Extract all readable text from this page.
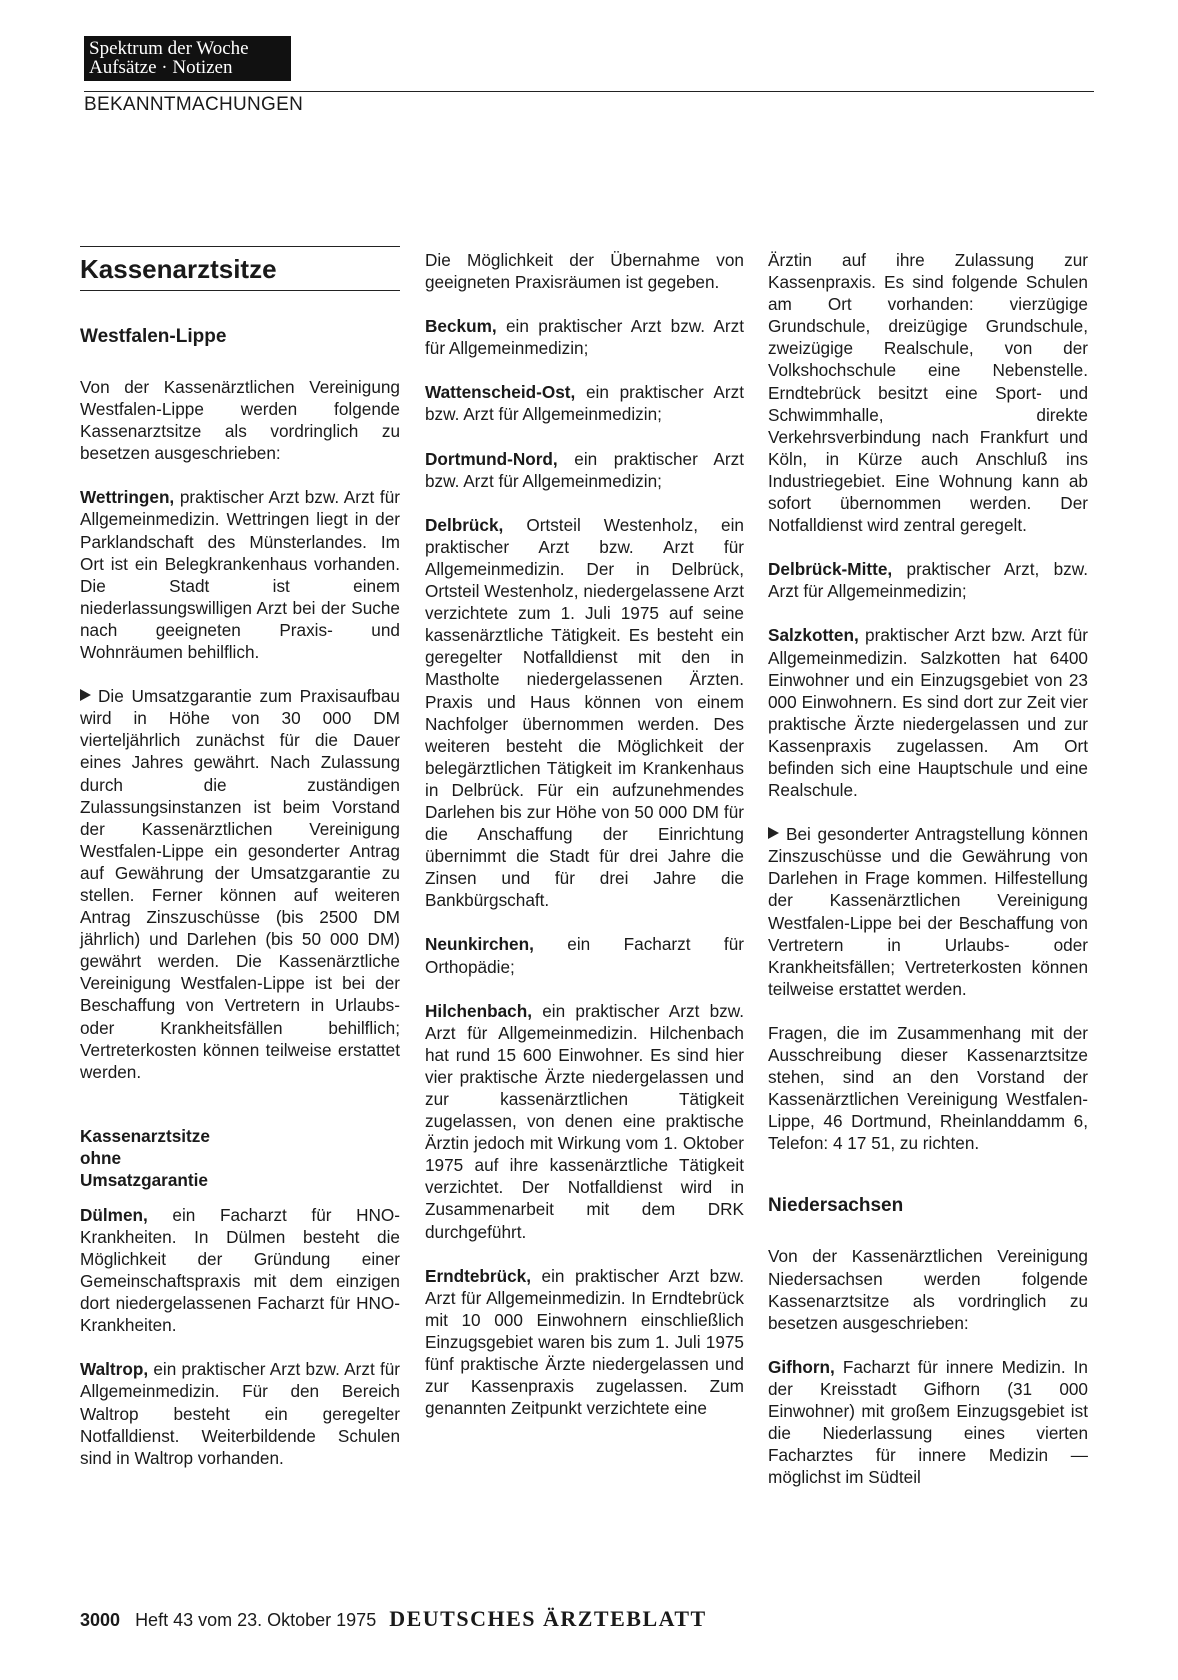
Spektrum der Woche
Aufsätze · Notizen
BEKANNTMACHUNGEN
Kassenarztsitze
Westfalen-Lippe

Von der Kassenärztlichen Vereinigung Westfalen-Lippe werden folgende Kassenarztsitze als vordringlich zu besetzen ausgeschrieben:

Wettringen, praktischer Arzt bzw. Arzt für Allgemeinmedizin. Wettringen liegt in der Parklandschaft des Münsterlandes. Im Ort ist ein Belegkrankenhaus vorhanden. Die Stadt ist einem niederlassungswilligen Arzt bei der Suche nach geeigneten Praxis- und Wohnräumen behilflich.

Die Umsatzgarantie zum Praxisaufbau wird in Höhe von 30 000 DM vierteljährlich zunächst für die Dauer eines Jahres gewährt. Nach Zulassung durch die zuständigen Zulassungsinstanzen ist beim Vorstand der Kassenärztlichen Vereinigung Westfalen-Lippe ein gesonderter Antrag auf Gewährung der Umsatzgarantie zu stellen. Ferner können auf weiteren Antrag Zinszuschüsse (bis 2500 DM jährlich) und Darlehen (bis 50 000 DM) gewährt werden. Die Kassenärztliche Vereinigung Westfalen-Lippe ist bei der Beschaffung von Vertretern in Urlaubs- oder Krankheitsfällen behilflich; Vertreterkosten können teilweise erstattet werden.

Kassenarztsitze
ohne
Umsatzgarantie

Dülmen, ein Facharzt für HNO-Krankheiten. In Dülmen besteht die Möglichkeit der Gründung einer Gemeinschaftspraxis mit dem einzigen dort niedergelassenen Facharzt für HNO-Krankheiten.

Waltrop, ein praktischer Arzt bzw. Arzt für Allgemeinmedizin. Für den Bereich Waltrop besteht ein geregelter Notfalldienst. Weiterbildende Schulen sind in Waltrop vorhanden.

Die Möglichkeit der Übernahme von geeigneten Praxisräumen ist gegeben.

Beckum, ein praktischer Arzt bzw. Arzt für Allgemeinmedizin;

Wattenscheid-Ost, ein praktischer Arzt bzw. Arzt für Allgemeinmedizin;

Dortmund-Nord, ein praktischer Arzt bzw. Arzt für Allgemeinmedizin;

Delbrück, Ortsteil Westenholz, ein praktischer Arzt bzw. Arzt für Allgemeinmedizin. Der in Delbrück, Ortsteil Westenholz, niedergelassene Arzt verzichtete zum 1. Juli 1975 auf seine kassenärztliche Tätigkeit. Es besteht ein geregelter Notfalldienst mit den in Mastholte niedergelassenen Ärzten. Praxis und Haus können von einem Nachfolger übernommen werden. Des weiteren besteht die Möglichkeit der belegärztlichen Tätigkeit im Krankenhaus in Delbrück. Für ein aufzunehmendes Darlehen bis zur Höhe von 50 000 DM für die Anschaffung der Einrichtung übernimmt die Stadt für drei Jahre die Zinsen und für drei Jahre die Bankbürgschaft.

Neunkirchen, ein Facharzt für Orthopädie;

Hilchenbach, ein praktischer Arzt bzw. Arzt für Allgemeinmedizin. Hilchenbach hat rund 15 600 Einwohner. Es sind hier vier praktische Ärzte niedergelassen und zur kassenärztlichen Tätigkeit zugelassen, von denen eine praktische Ärztin jedoch mit Wirkung vom 1. Oktober 1975 auf ihre kassenärztliche Tätigkeit verzichtet. Der Notfalldienst wird in Zusammenarbeit mit dem DRK durchgeführt.

Erndtebrück, ein praktischer Arzt bzw. Arzt für Allgemeinmedizin. In Erndtebrück mit 10 000 Einwohnern einschließlich Einzugsgebiet waren bis zum 1. Juli 1975 fünf praktische Ärzte niedergelassen und zur Kassenpraxis zugelassen. Zum genannten Zeitpunkt verzichtete eine

Ärztin auf ihre Zulassung zur Kassenpraxis. Es sind folgende Schulen am Ort vorhanden: vierzügige Grundschule, dreizügige Grundschule, zweizügige Realschule, von der Volkshochschule eine Nebenstelle. Erndtebrück besitzt eine Sport- und Schwimmhalle, direkte Verkehrsverbindung nach Frankfurt und Köln, in Kürze auch Anschluß ins Industriegebiet. Eine Wohnung kann ab sofort übernommen werden. Der Notfalldienst wird zentral geregelt.

Delbrück-Mitte, praktischer Arzt, bzw. Arzt für Allgemeinmedizin;

Salzkotten, praktischer Arzt bzw. Arzt für Allgemeinmedizin. Salzkotten hat 6400 Einwohner und ein Einzugsgebiet von 23 000 Einwohnern. Es sind dort zur Zeit vier praktische Ärzte niedergelassen und zur Kassenpraxis zugelassen. Am Ort befinden sich eine Hauptschule und eine Realschule.

Bei gesonderter Antragstellung können Zinszuschüsse und die Gewährung von Darlehen in Frage kommen. Hilfestellung der Kassenärztlichen Vereinigung Westfalen-Lippe bei der Beschaffung von Vertretern in Urlaubs- oder Krankheitsfällen; Vertreterkosten können teilweise erstattet werden.

Fragen, die im Zusammenhang mit der Ausschreibung dieser Kassenarztsitze stehen, sind an den Vorstand der Kassenärztlichen Vereinigung Westfalen-Lippe, 46 Dortmund, Rheinlanddamm 6, Telefon: 4 17 51, zu richten.

Niedersachsen

Von der Kassenärztlichen Vereinigung Niedersachsen werden folgende Kassenarztsitze als vordringlich zu besetzen ausgeschrieben:

Gifhorn, Facharzt für innere Medizin. In der Kreisstadt Gifhorn (31 000 Einwohner) mit großem Einzugsgebiet ist die Niederlassung eines vierten Facharztes für innere Medizin — möglichst im Südteil

3000 Heft 43 vom 23. Oktober 1975 DEUTSCHES ÄRZTEBLATT
